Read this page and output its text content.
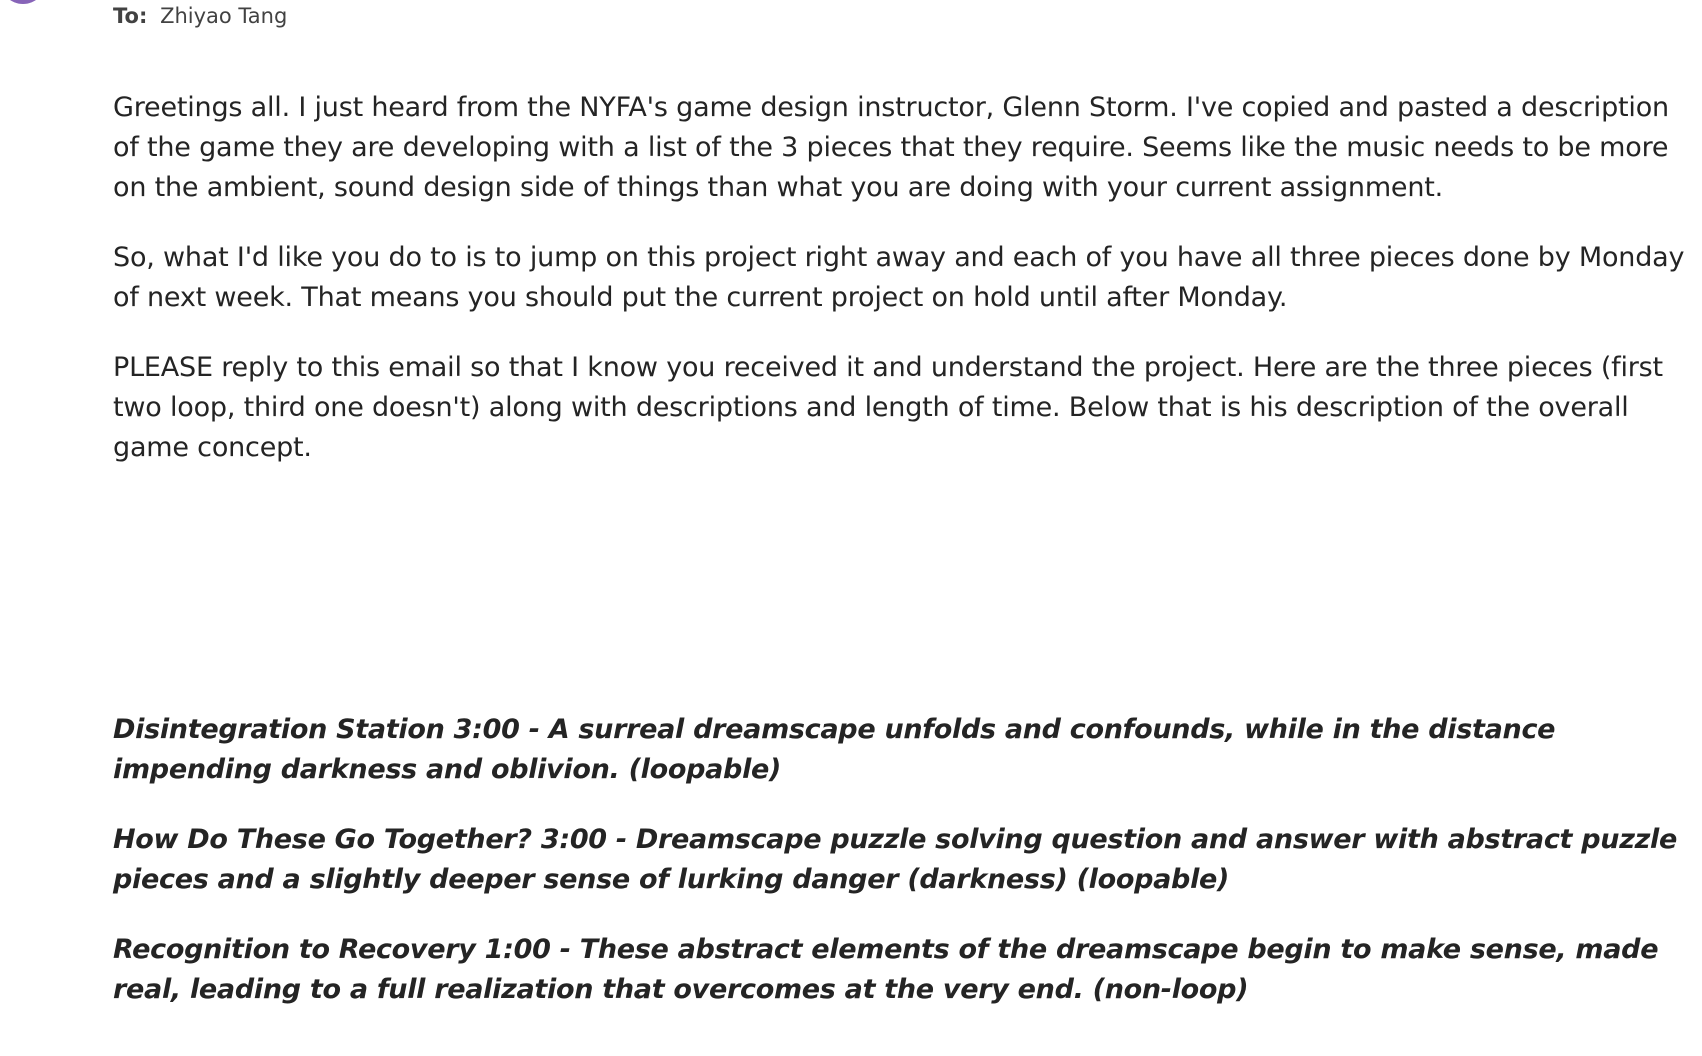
To: Zhiyao Tang

Greetings all. I just heard from the NYFA's game design instructor, Glenn Storm. I've copied and pasted a description of the game they are developing with a list of the 3 pieces that they require. Seems like the music needs to be more on the ambient, sound design side of things than what you are doing with your current assignment.

So, what I'd like you do to is to jump on this project right away and each of you have all three pieces done by Monday of next week. That means you should put the current project on hold until after Monday.

PLEASE reply to this email so that I know you received it and understand the project. Here are the three pieces (first two loop, third one doesn't) along with descriptions and length of time. Below that is his description of the overall game concept.

Disintegration Station 3:00 - A surreal dreamscape unfolds and confounds, while in the distance impending darkness and oblivion. (loopable)

How Do These Go Together? 3:00 - Dreamscape puzzle solving question and answer with abstract puzzle pieces and a slightly deeper sense of lurking danger (darkness) (loopable)

Recognition to Recovery 1:00 - These abstract elements of the dreamscape begin to make sense, made real, leading to a full realization that overcomes at the very end. (non-loop)
